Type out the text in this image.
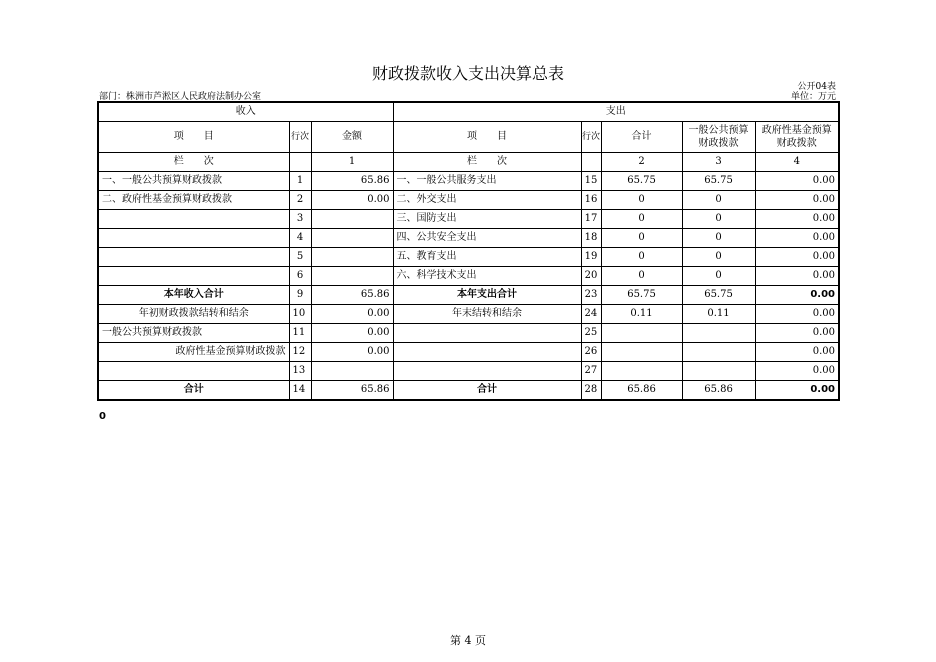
财政拨款收入支出决算总表
公开04表
部门：株洲市芦淞区人民政府法制办公室	单位：万元
收入			支出				
项　　目	行次	金额	项　　目	行次	合计	一般公共预算财政拨款	政府性基金预算财政拨款
栏　　次		1	栏　　次		2	3	4
一、一般公共预算财政拨款	1	65.86	一、一般公共服务支出	15	65.75	65.75	0.00
二、政府性基金预算财政拨款	2	0.00	二、外交支出	16	0	0	0.00
	3		三、国防支出	17	0	0	0.00
	4		四、公共安全支出	18	0	0	0.00
	5		五、教育支出	19	0	0	0.00
	6		六、科学技术支出	20	0	0	0.00
本年收入合计	9	65.86	本年支出合计	23	65.75	65.75	0.00
年初财政拨款结转和结余	10	0.00	年末结转和结余	24	0.11	0.11	0.00
一般公共预算财政拨款	11	0.00		25			0.00
政府性基金预算财政拨款	12	0.00		26			0.00
	13			27			0.00
合计	14	65.86	合计	28	65.86	65.86	0.00
0
第 4 页
